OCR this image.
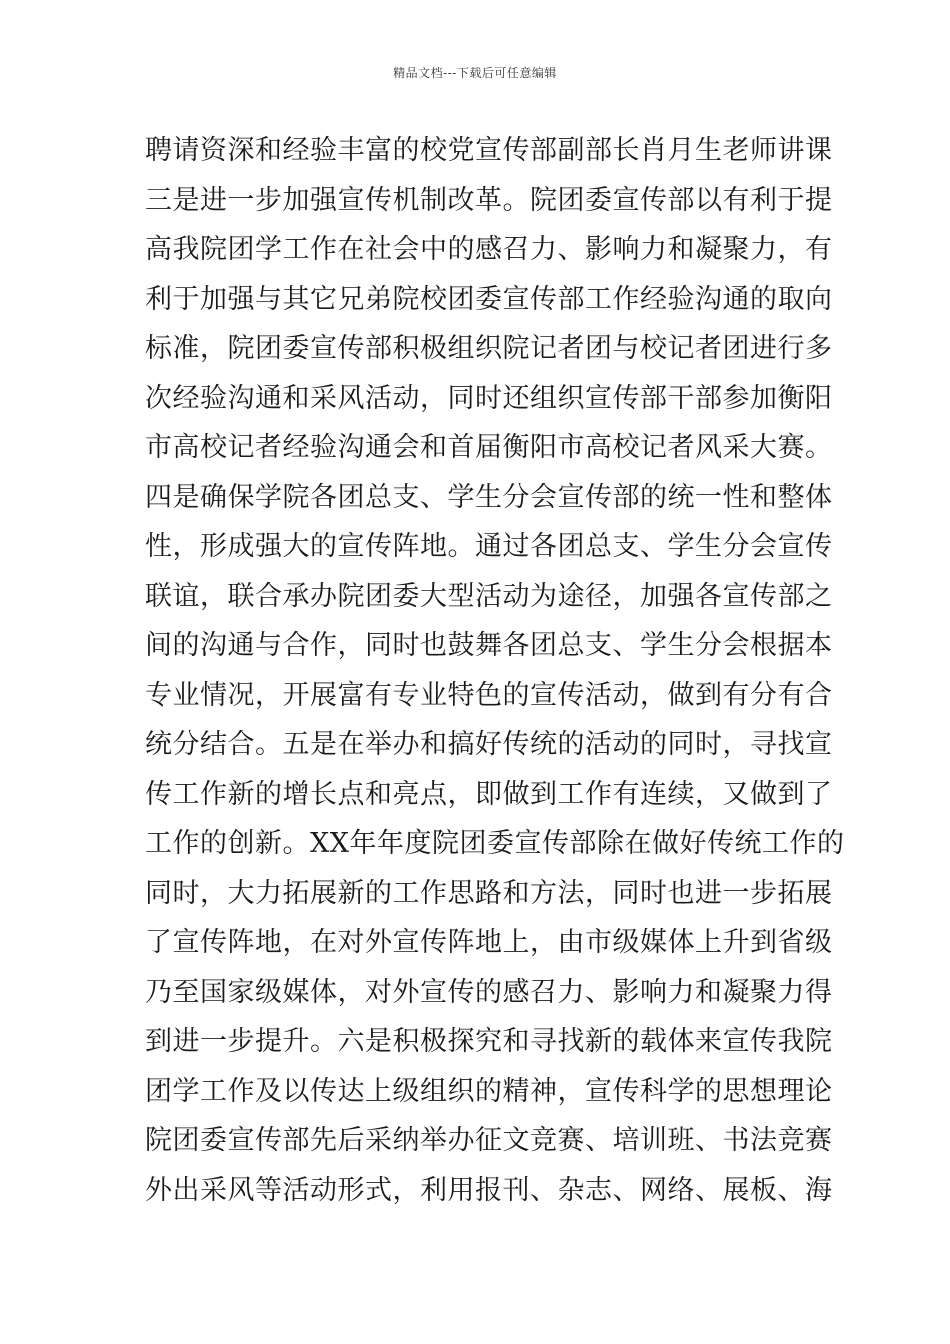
精品文档---下载后可任意编辑
聘请资深和经验丰富的校党宣传部副部长肖月生老师讲课
三是进一步加强宣传机制改革。院团委宣传部以有利于提
高我院团学工作在社会中的感召力、影响力和凝聚力，有
利于加强与其它兄弟院校团委宣传部工作经验沟通的取向
标准，院团委宣传部积极组织院记者团与校记者团进行多
次经验沟通和采风活动，同时还组织宣传部干部参加衡阳
市高校记者经验沟通会和首届衡阳市高校记者风采大赛。
四是确保学院各团总支、学生分会宣传部的统一性和整体
性，形成强大的宣传阵地。通过各团总支、学生分会宣传
联谊，联合承办院团委大型活动为途径，加强各宣传部之
间的沟通与合作，同时也鼓舞各团总支、学生分会根据本
专业情况，开展富有专业特色的宣传活动，做到有分有合
统分结合。五是在举办和搞好传统的活动的同时，寻找宣
传工作新的增长点和亮点，即做到工作有连续，又做到了
工作的创新。XX年年度院团委宣传部除在做好传统工作的
同时，大力拓展新的工作思路和方法，同时也进一步拓展
了宣传阵地，在对外宣传阵地上，由市级媒体上升到省级
乃至国家级媒体，对外宣传的感召力、影响力和凝聚力得
到进一步提升。六是积极探究和寻找新的载体来宣传我院
团学工作及以传达上级组织的精神，宣传科学的思想理论
院团委宣传部先后采纳举办征文竞赛、培训班、书法竞赛
外出采风等活动形式，利用报刊、杂志、网络、展板、海
